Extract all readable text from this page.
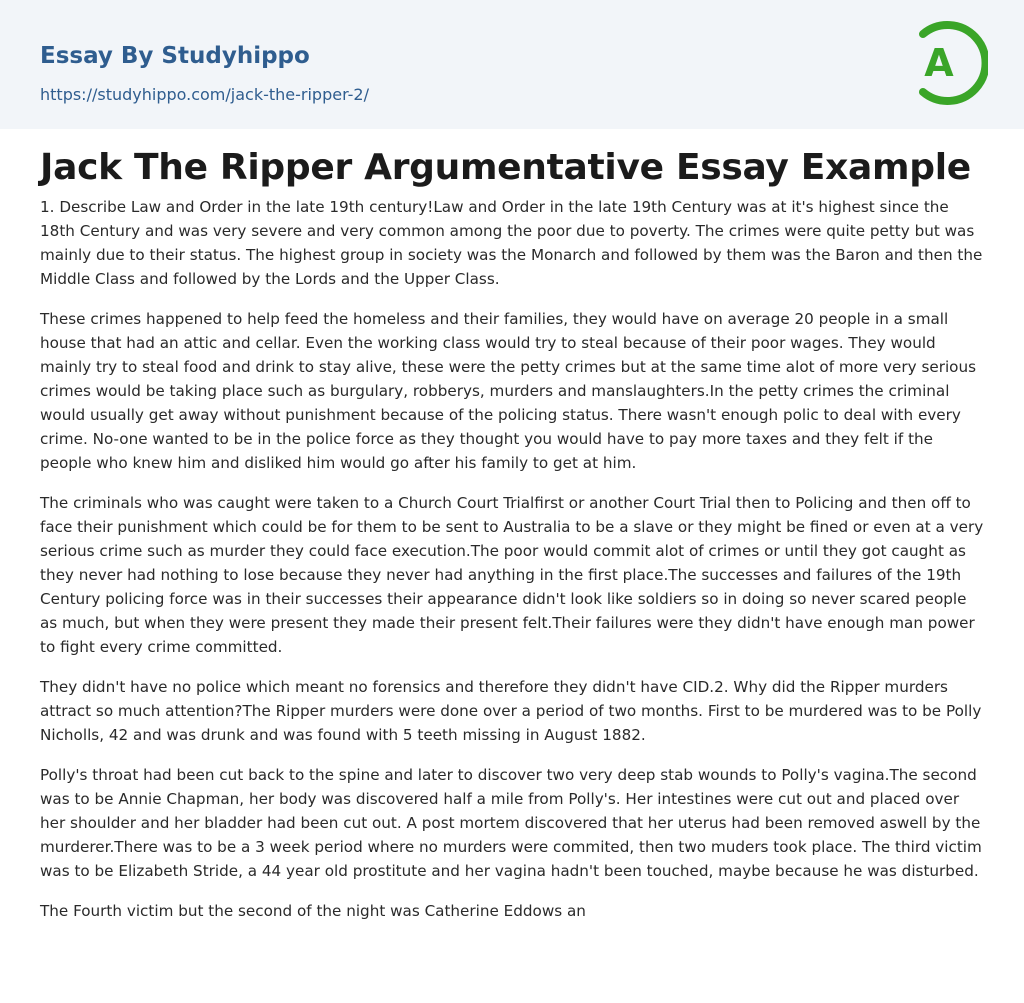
Essay By Studyhippo
https://studyhippo.com/jack-the-ripper-2/
A
Jack The Ripper Argumentative Essay Example

1. Describe Law and Order in the late 19th century!Law and Order in the late 19th Century was at it's highest since the 18th Century and was very severe and very common among the poor due to poverty. The crimes were quite petty but was mainly due to their status. The highest group in society was the Monarch and followed by them was the Baron and then the Middle Class and followed by the Lords and the Upper Class.

These crimes happened to help feed the homeless and their families, they would have on average 20 people in a small house that had an attic and cellar. Even the working class would try to steal because of their poor wages. They would mainly try to steal food and drink to stay alive, these were the petty crimes but at the same time alot of more very serious crimes would be taking place such as burgulary, robberys, murders and manslaughters.In the petty crimes the criminal would usually get away without punishment because of the policing status. There wasn't enough polic to deal with every crime. No-one wanted to be in the police force as they thought you would have to pay more taxes and they felt if the people who knew him and disliked him would go after his family to get at him.

The criminals who was caught were taken to a Church Court Trialfirst or another Court Trial then to Policing and then off to face their punishment which could be for them to be sent to Australia to be a slave or they might be fined or even at a very serious crime such as murder they could face execution.The poor would commit alot of crimes or until they got caught as they never had nothing to lose because they never had anything in the first place.The successes and failures of the 19th Century policing force was in their successes their appearance didn't look like soldiers so in doing so never scared people as much, but when they were present they made their present felt.Their failures were they didn't have enough man power to fight every crime committed.

They didn't have no police which meant no forensics and therefore they didn't have CID.2. Why did the Ripper murders attract so much attention?The Ripper murders were done over a period of two months. First to be murdered was to be Polly Nicholls, 42 and was drunk and was found with 5 teeth missing in August 1882.

Polly's throat had been cut back to the spine and later to discover two very deep stab wounds to Polly's vagina.The second was to be Annie Chapman, her body was discovered half a mile from Polly's. Her intestines were cut out and placed over her shoulder and her bladder had been cut out. A post mortem discovered that her uterus had been removed aswell by the murderer.There was to be a 3 week period where no murders were commited, then two muders took place. The third victim was to be Elizabeth Stride, a 44 year old prostitute and her vagina hadn't been touched, maybe because he was disturbed.

The Fourth victim but the second of the night was Catherine Eddows an
